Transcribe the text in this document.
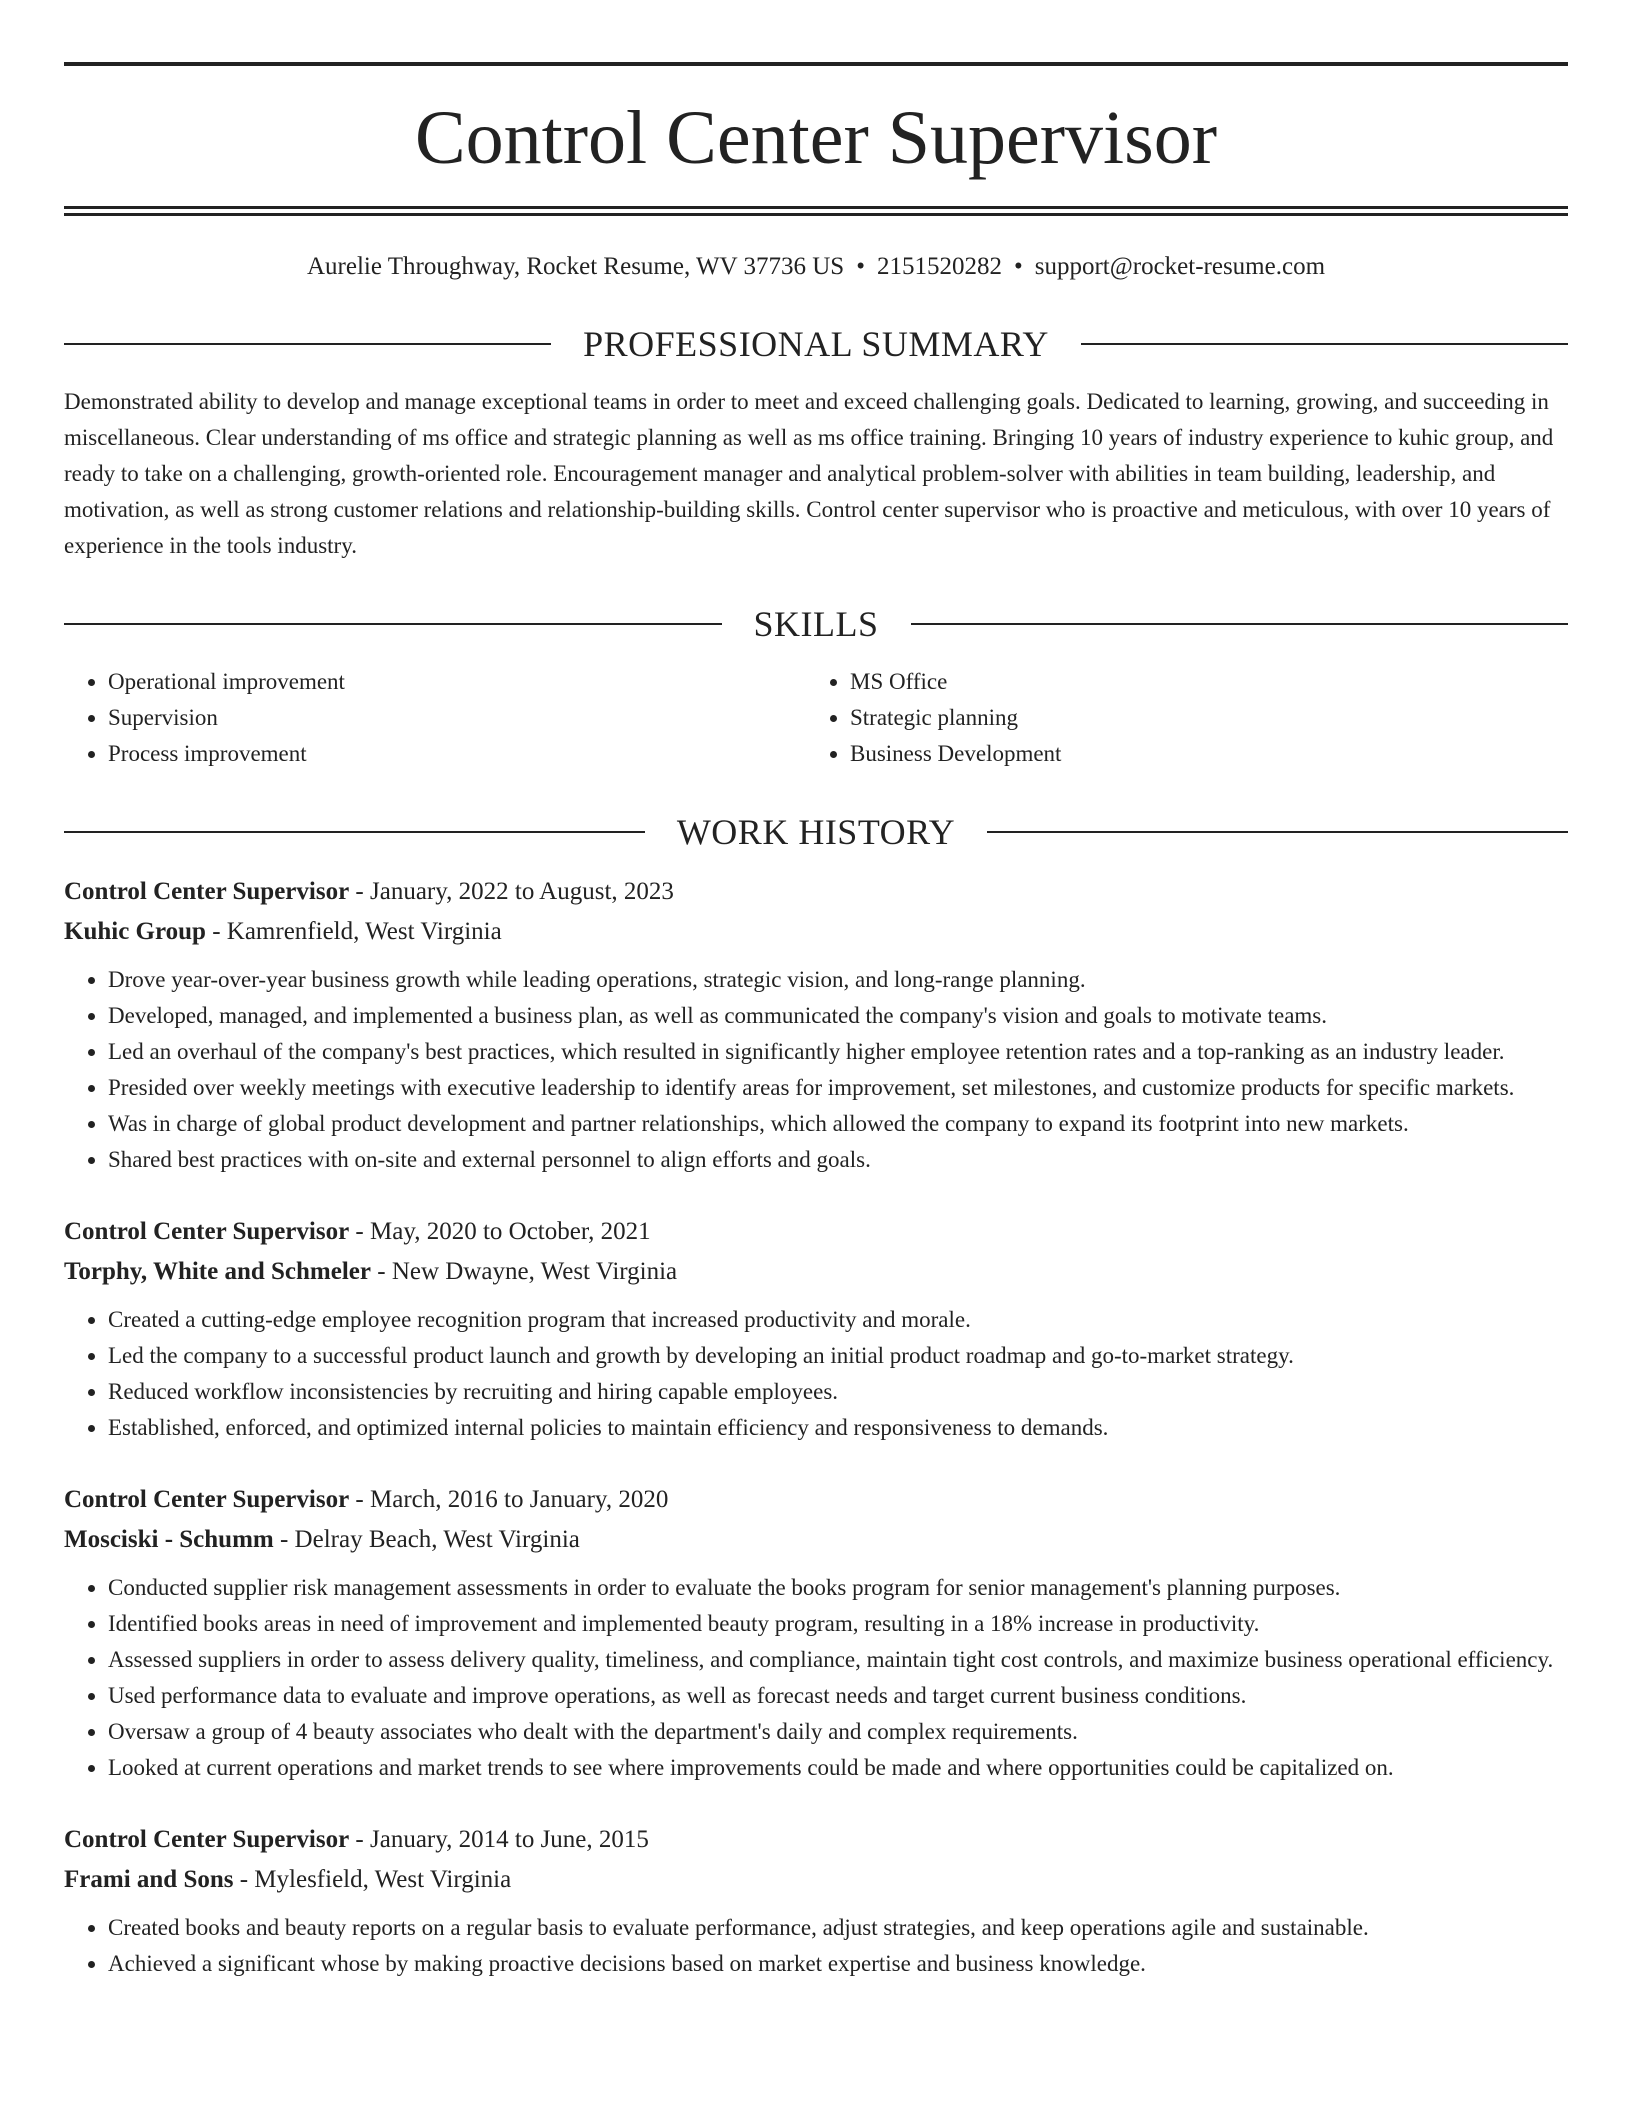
Control Center Supervisor
Aurelie Throughway, Rocket Resume, WV 37736 US • 2151520282 • support@rocket-resume.com
PROFESSIONAL SUMMARY
Demonstrated ability to develop and manage exceptional teams in order to meet and exceed challenging goals. Dedicated to learning, growing, and succeeding in miscellaneous. Clear understanding of ms office and strategic planning as well as ms office training. Bringing 10 years of industry experience to kuhic group, and ready to take on a challenging, growth-oriented role. Encouragement manager and analytical problem-solver with abilities in team building, leadership, and motivation, as well as strong customer relations and relationship-building skills. Control center supervisor who is proactive and meticulous, with over 10 years of experience in the tools industry.
SKILLS
• Operational improvement
• Supervision
• Process improvement
• MS Office
• Strategic planning
• Business Development
WORK HISTORY
Control Center Supervisor - January, 2022 to August, 2023
Kuhic Group - Kamrenfield, West Virginia
• Drove year-over-year business growth while leading operations, strategic vision, and long-range planning.
• Developed, managed, and implemented a business plan, as well as communicated the company's vision and goals to motivate teams.
• Led an overhaul of the company's best practices, which resulted in significantly higher employee retention rates and a top-ranking as an industry leader.
• Presided over weekly meetings with executive leadership to identify areas for improvement, set milestones, and customize products for specific markets.
• Was in charge of global product development and partner relationships, which allowed the company to expand its footprint into new markets.
• Shared best practices with on-site and external personnel to align efforts and goals.
Control Center Supervisor - May, 2020 to October, 2021
Torphy, White and Schmeler - New Dwayne, West Virginia
• Created a cutting-edge employee recognition program that increased productivity and morale.
• Led the company to a successful product launch and growth by developing an initial product roadmap and go-to-market strategy.
• Reduced workflow inconsistencies by recruiting and hiring capable employees.
• Established, enforced, and optimized internal policies to maintain efficiency and responsiveness to demands.
Control Center Supervisor - March, 2016 to January, 2020
Mosciski - Schumm - Delray Beach, West Virginia
• Conducted supplier risk management assessments in order to evaluate the books program for senior management's planning purposes.
• Identified books areas in need of improvement and implemented beauty program, resulting in a 18% increase in productivity.
• Assessed suppliers in order to assess delivery quality, timeliness, and compliance, maintain tight cost controls, and maximize business operational efficiency.
• Used performance data to evaluate and improve operations, as well as forecast needs and target current business conditions.
• Oversaw a group of 4 beauty associates who dealt with the department's daily and complex requirements.
• Looked at current operations and market trends to see where improvements could be made and where opportunities could be capitalized on.
Control Center Supervisor - January, 2014 to June, 2015
Frami and Sons - Mylesfield, West Virginia
• Created books and beauty reports on a regular basis to evaluate performance, adjust strategies, and keep operations agile and sustainable.
• Achieved a significant whose by making proactive decisions based on market expertise and business knowledge.
